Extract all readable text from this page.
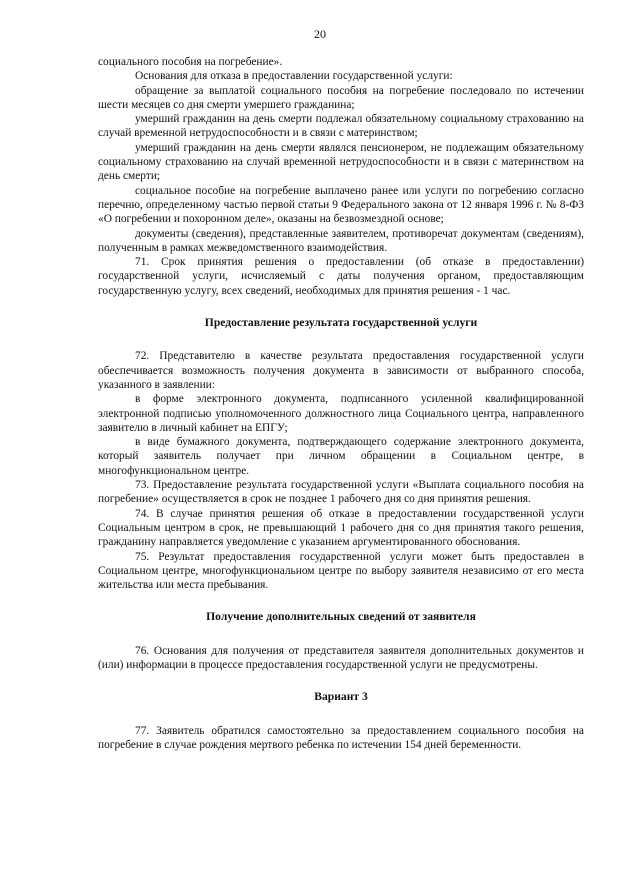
20

социального пособия на погребение».

Основания для отказа в предоставлении государственной услуги:

обращение за выплатой социального пособия на погребение последовало по истечении шести месяцев со дня смерти умершего гражданина;

умерший гражданин на день смерти подлежал обязательному социальному страхованию на случай временной нетрудоспособности и в связи с материнством;

умерший гражданин на день смерти являлся пенсионером, не подлежащим обязательному социальному страхованию на случай временной нетрудоспособности и в связи с материнством на день смерти;

социальное пособие на погребение выплачено ранее или услуги по погребению согласно перечню, определенному частью первой статьи 9 Федерального закона от 12 января 1996 г. № 8-ФЗ «О погребении и похоронном деле», оказаны на безвозмездной основе;

документы (сведения), представленные заявителем, противоречат документам (сведениям), полученным в рамках межведомственного взаимодействия.

71. Срок принятия решения о предоставлении (об отказе в предоставлении) государственной услуги, исчисляемый с даты получения органом, предоставляющим государственную услугу, всех сведений, необходимых для принятия решения - 1 час.

Предоставление результата государственной услуги

72. Представителю в качестве результата предоставления государственной услуги обеспечивается возможность получения документа в зависимости от выбранного способа, указанного в заявлении:

в форме электронного документа, подписанного усиленной квалифицированной электронной подписью уполномоченного должностного лица Социального центра, направленного заявителю в личный кабинет на ЕПГУ;

в виде бумажного документа, подтверждающего содержание электронного документа, который заявитель получает при личном обращении в Социальном центре, в многофункциональном центре.

73. Предоставление результата государственной услуги «Выплата социального пособия на погребение» осуществляется в срок не позднее 1 рабочего дня со дня принятия решения.

74. В случае принятия решения об отказе в предоставлении государственной услуги Социальным центром в срок, не превышающий 1 рабочего дня со дня принятия такого решения, гражданину направляется уведомление с указанием аргументированного обоснования.

75. Результат предоставления государственной услуги может быть предоставлен в Социальном центре, многофункциональном центре по выбору заявителя независимо от его места жительства или места пребывания.

Получение дополнительных сведений от заявителя

76. Основания для получения от представителя заявителя дополнительных документов и (или) информации в процессе предоставления государственной услуги не предусмотрены.

Вариант 3

77. Заявитель обратился самостоятельно за предоставлением социального пособия на погребение в случае рождения мертвого ребенка по истечении 154 дней беременности.
